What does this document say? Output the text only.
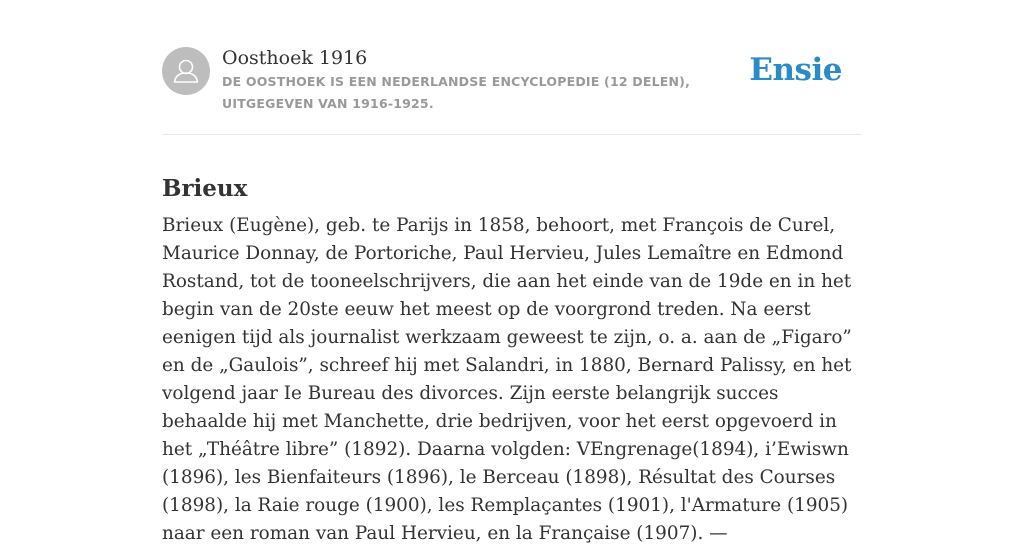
Oosthoek 1916
DE OOSTHOEK IS EEN NEDERLANDSE ENCYCLOPEDIE (12 DELEN), UITGEGEVEN VAN 1916-1925.
Ensie
Brieux

Brieux (Eugène), geb. te Parijs in 1858, behoort, met François de Curel, Maurice Donnay, de Portoriche, Paul Hervieu, Jules Lemaître en Edmond Rostand, tot de tooneelschrijvers, die aan het einde van de 19de en in het begin van de 20ste eeuw het meest op de voorgrond treden. Na eerst eenigen tijd als journalist werkzaam geweest te zijn, o. a. aan de „Figaro” en de „Gaulois”, schreef hij met Salandri, in 1880, Bernard Palissy, en het volgend jaar Ie Bureau des divorces. Zijn eerste belangrijk succes behaalde hij met Manchette, drie bedrijven, voor het eerst opgevoerd in het „Théâtre libre” (1892). Daarna volgden: VEngrenage(1894), i’Ewiswn (1896), les Bienfaiteurs (1896), le Berceau (1898), Résultat des Courses (1898), la Raie rouge (1900), les Remplaçantes (1901), l'Armature (1905) naar een roman van Paul Hervieu, en la Française (1907). —
